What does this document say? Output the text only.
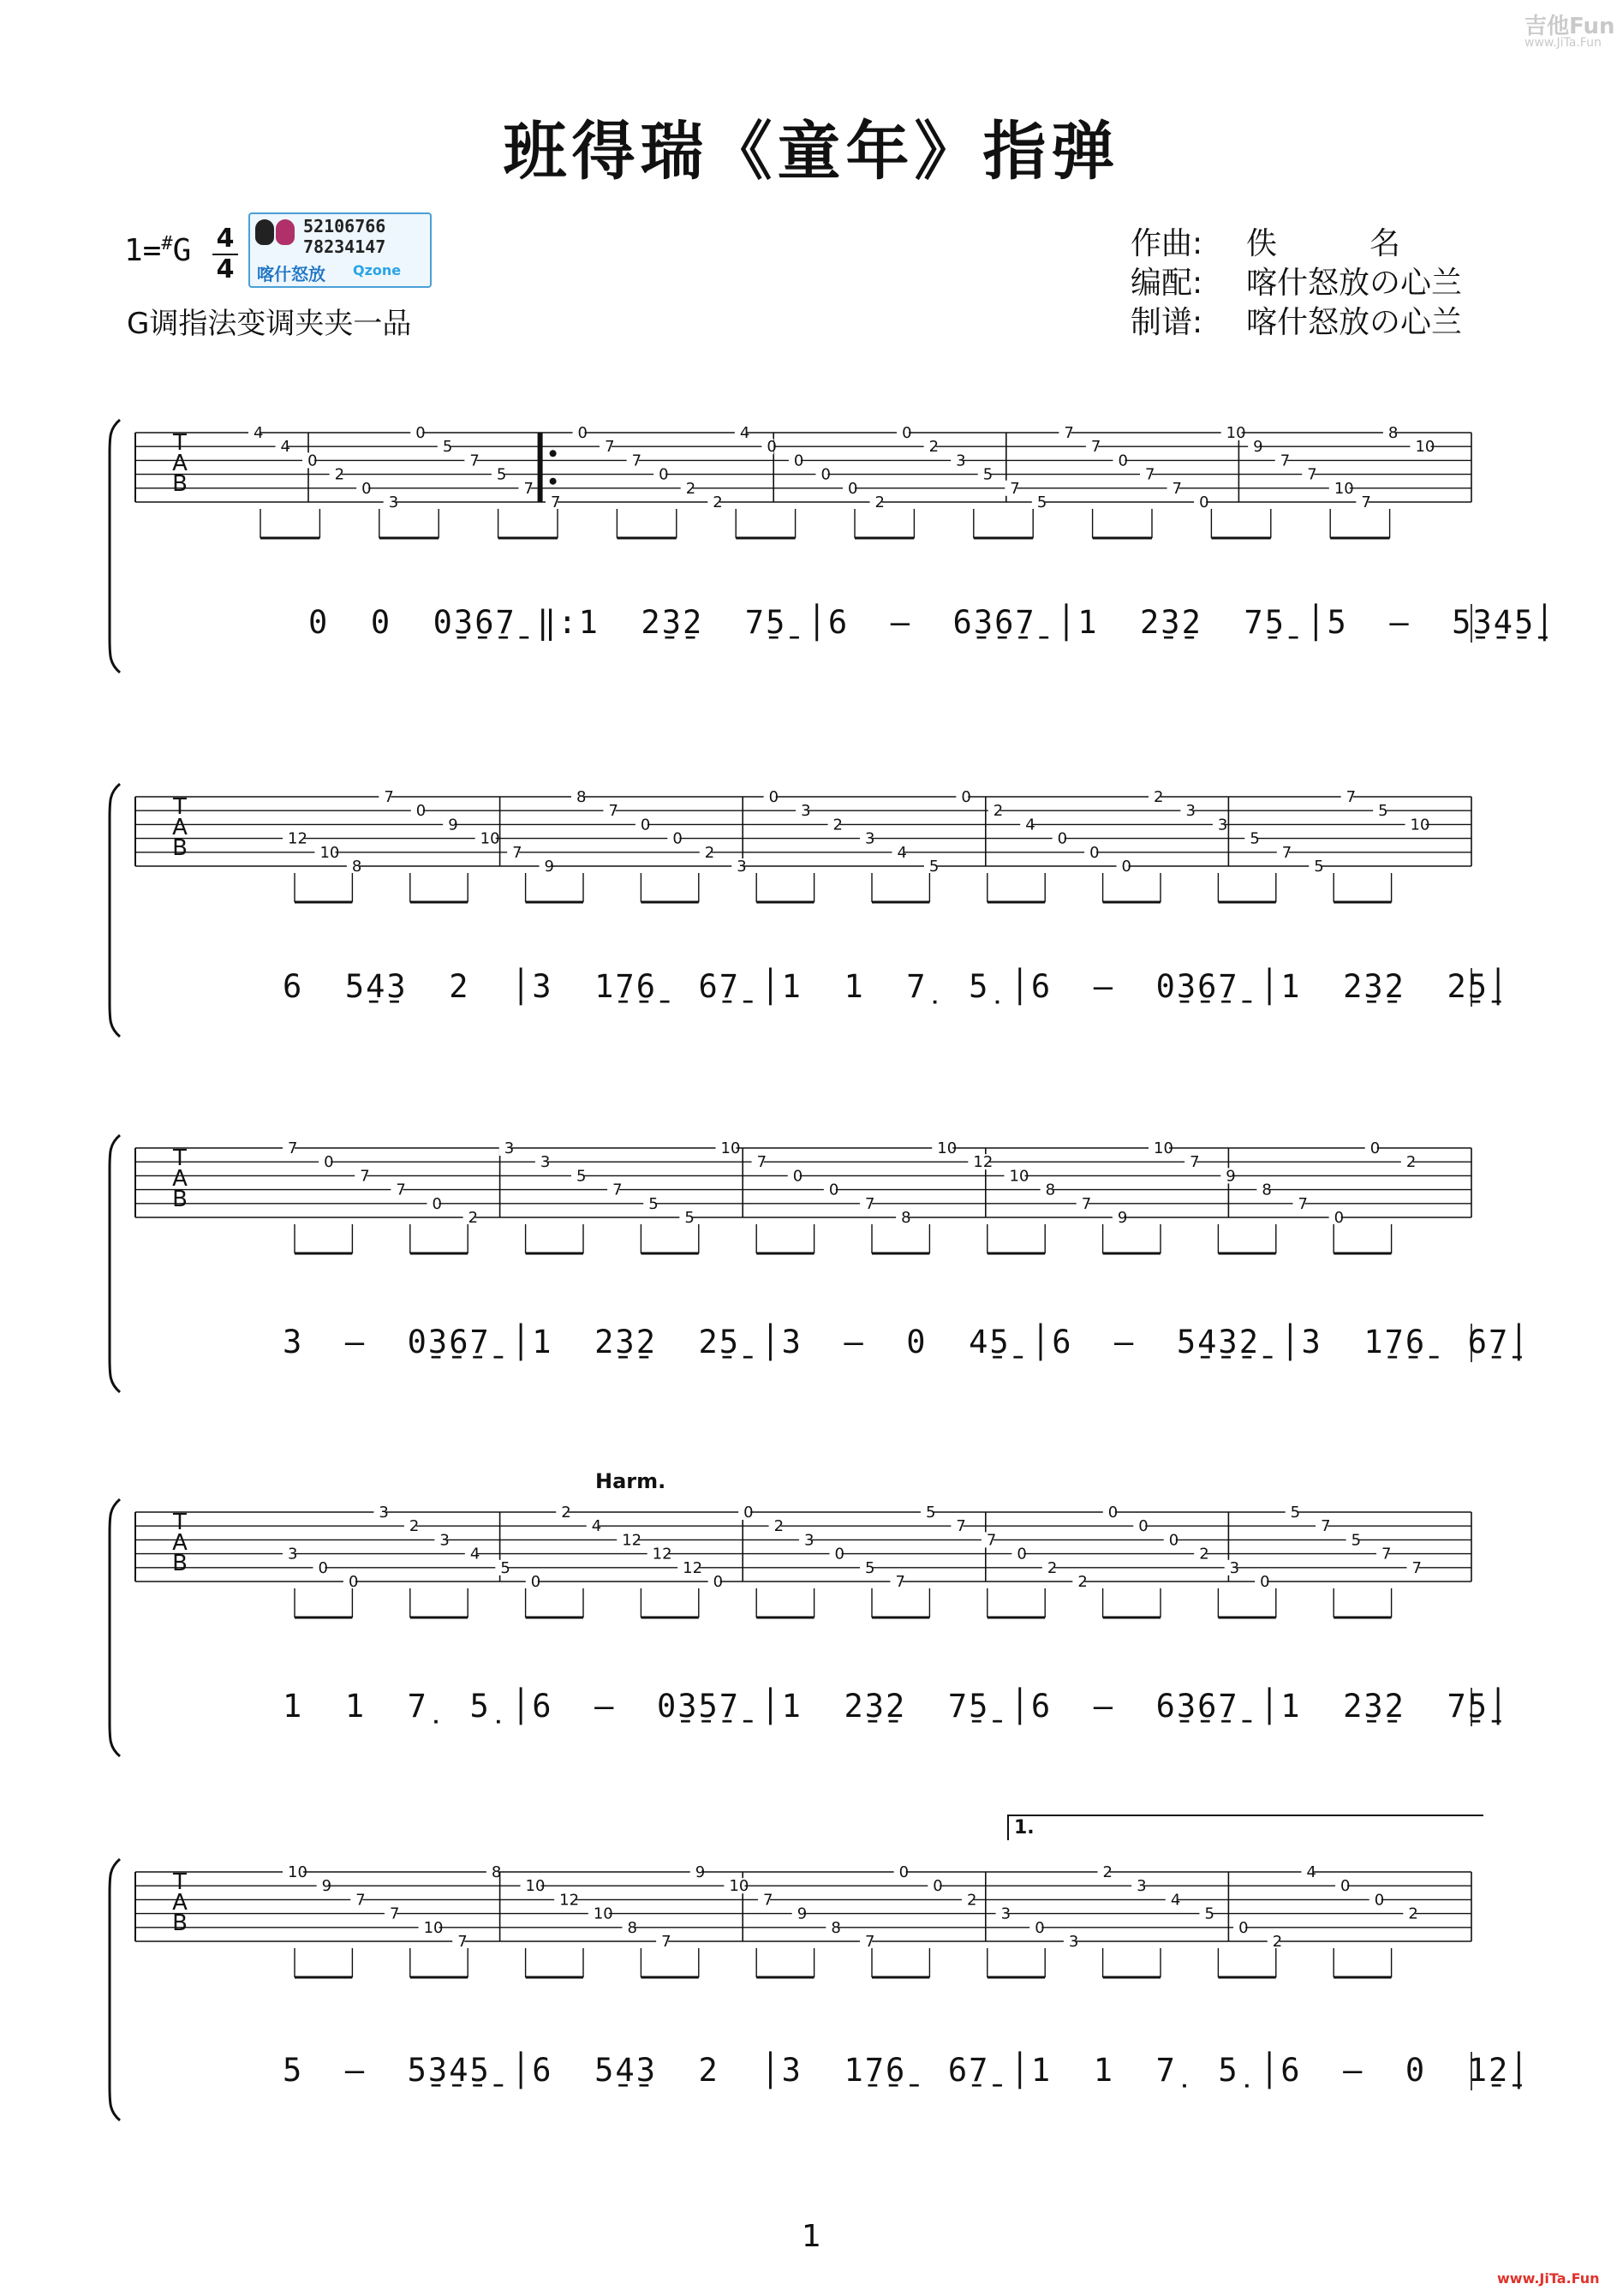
班得瑞《童年》指弹
$1=^{\#}G \frac{4}{4}$
G调指法变调夹夹一品
52106766
78234147
喀什怒放 Qzone
作曲:	佚　　　名
编配:	喀什怒放の心兰
制谱:	喀什怒放の心兰
吉他Fun
www.JiTa.Fun
T
A
B
4
4
0
2
0
3
0
5
7
5
7
7
0
7
7
0
2
2
4
0
0
0
0
2
0
2
3
5
7
5
7
7
0
7
7
0
10
9
7
7
10
7
8
10
T
A
B	12
10
8
7
0
9
10
7
9
8
7
0
0
2
3
0
3
2
3
4
5
0
2
4
0
0
0
2
3
3
5
7
5
7
5
10
T
A
B
7
0
7
7
0
2
3
3
5
7
5
5
10
7
0
0
7
8
10
12
10
8
7
9
10
7
9
8
7
0
0
2
T
A
B	3
0
0
3
2
3
4
5
0
2
4
12
12
12
0
0
2
3
0
5
7
5
7
7
0
2
2
0
0
0
2
3
0
5
7
5
7
7
T
A
B
10
9
7
7
10
7
8
10
12
10
8
7
9
10
7
9
8
7
0
0
2
3
0
3
2
3
4
5
0
2
4
0
0
2
0  0  0̱3̱6̱7̱ ‖:1  2̱3̱2  7̱5̱ │6  —  6̱3̱6̱7̱ │1  2̱3̱2  7̱5̱ │5  —  5̱3̱4̱5̱│
6  5̱4̱3  2  │3  1̱7̱6̱  6̱7̱ │1  1  7̣  5̣ │6  —  0̱3̱6̱7̱ │1  2̱3̱2  2̱5̱│
3  —  0̱3̱6̱7̱ │1  2̱3̱2  2̱5̱ │3  —  0  4̱5̱ │6  —  5̱4̱3̱2̱ │3  1̱7̱6̱  6̱7̱│
1  1  7̣  5̣ │6  —  0̱3̱5̱7̱ │1  2̱3̱2  7̱5̱ │6  —  6̱3̱6̱7̱ │1  2̱3̱2  7̱5̱│
5  —  5̱3̱4̱5̱ │6  5̱4̱3  2  │3  1̱7̱6̱  6̱7̱ │1  1  7̣  5̣ │6  —  0  1̱2̱│
Harm.
1.
1
www.JiTa.Fun
